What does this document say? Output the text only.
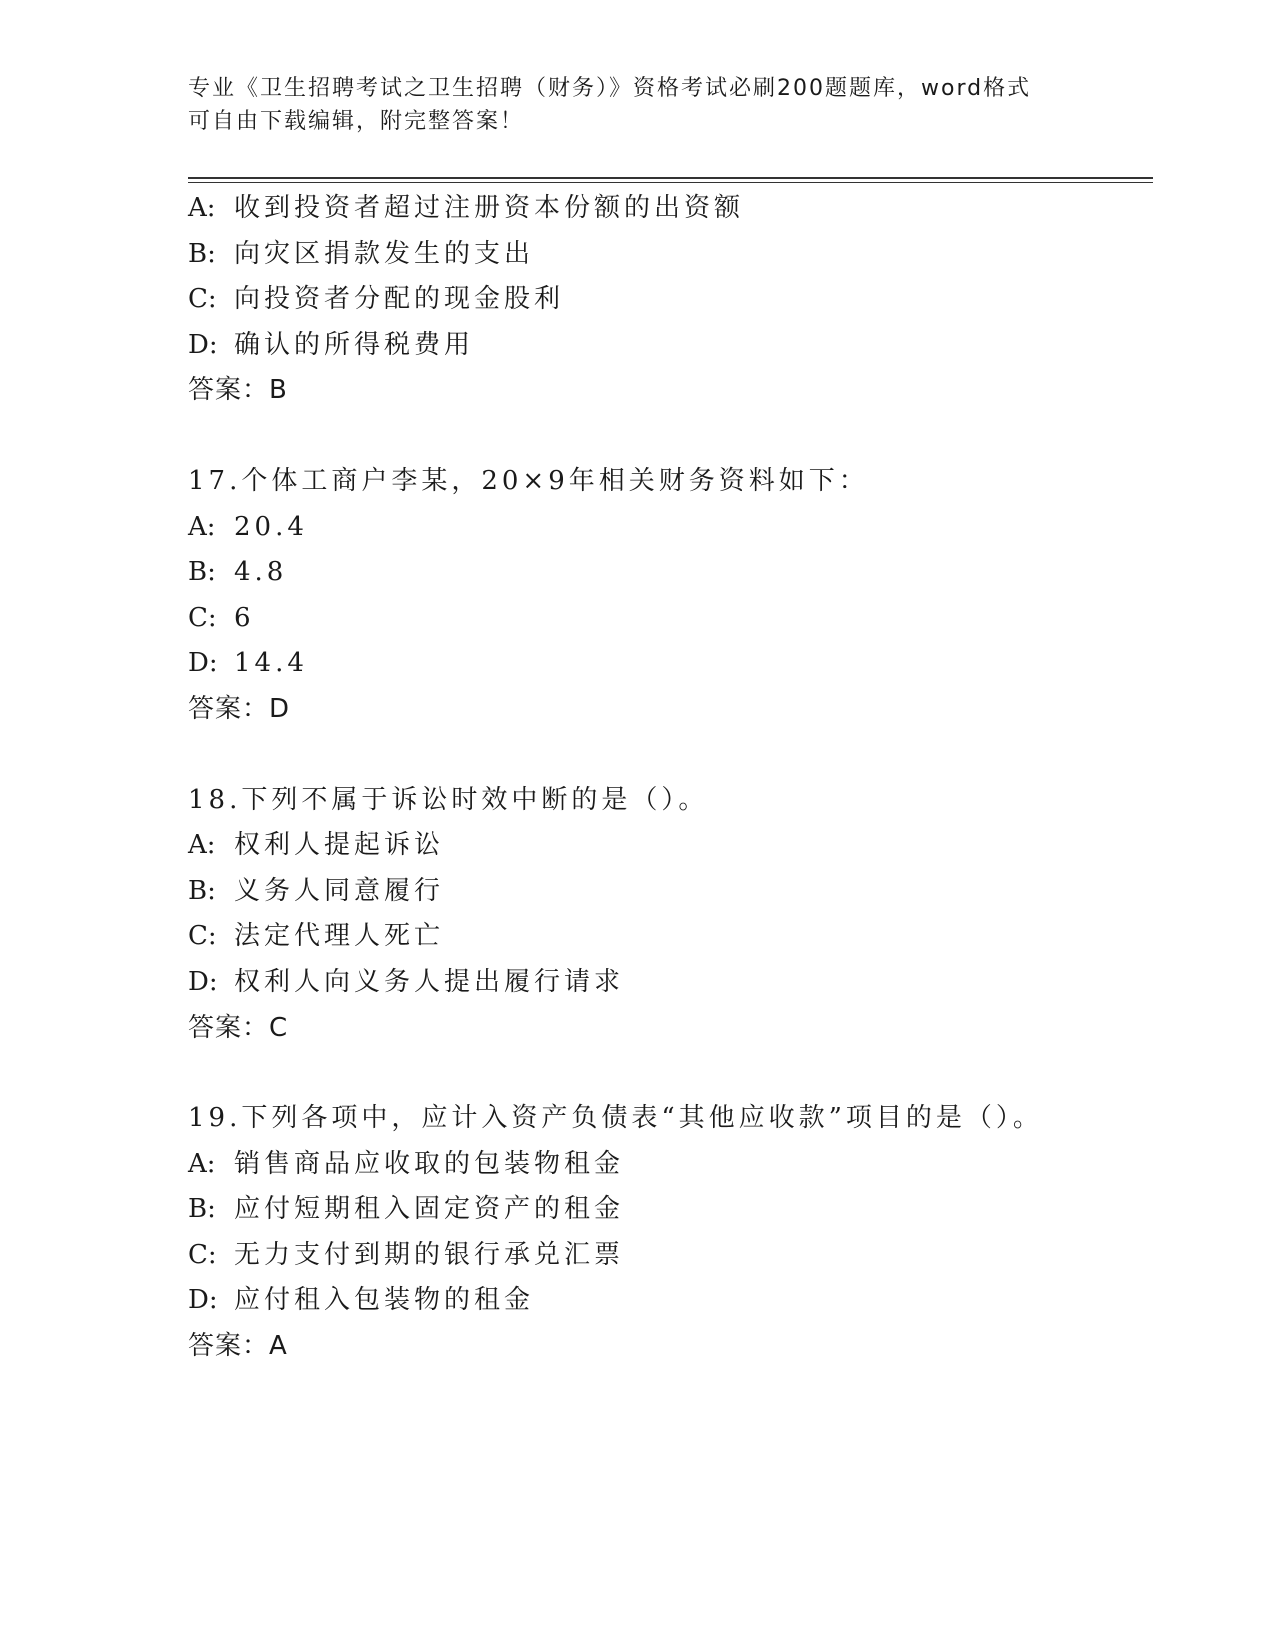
专业《卫生招聘考试之卫生招聘（财务）》资格考试必刷200题题库，word格式
可自由下载编辑，附完整答案！
A: 收到投资者超过注册资本份额的出资额
B: 向灾区捐款发生的支出
C: 向投资者分配的现金股利
D: 确认的所得税费用
答案：B
17.个体工商户李某，20×9年相关财务资料如下：
A: 20.4
B: 4.8
C: 6
D: 14.4
答案：D
18.下列不属于诉讼时效中断的是（）。
A: 权利人提起诉讼
B: 义务人同意履行
C: 法定代理人死亡
D: 权利人向义务人提出履行请求
答案：C
19.下列各项中，应计入资产负债表“其他应收款”项目的是（）。
A: 销售商品应收取的包装物租金
B: 应付短期租入固定资产的租金
C: 无力支付到期的银行承兑汇票
D: 应付租入包装物的租金
答案：A
